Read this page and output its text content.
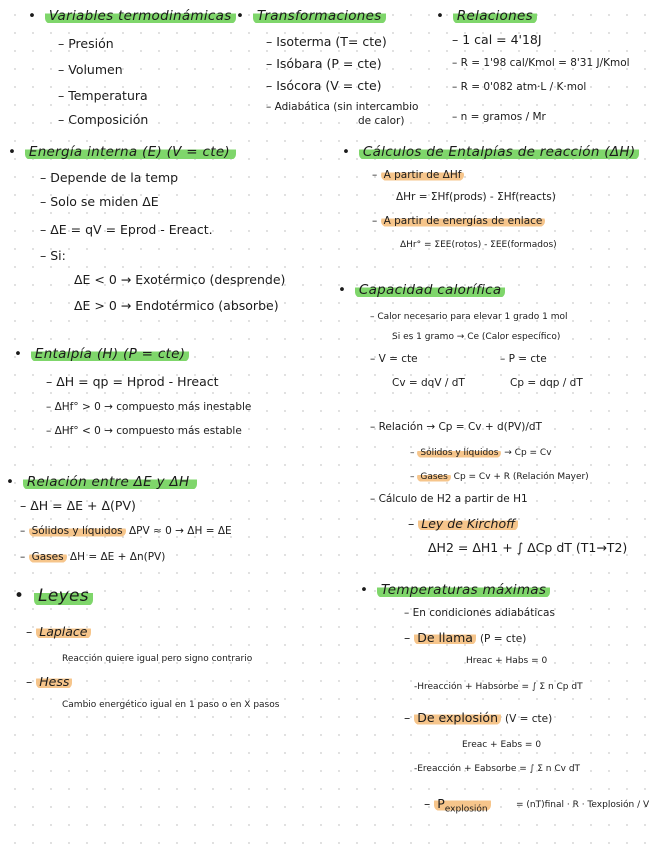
• Variables termodinámicas
– Presión
– Volumen
– Temperatura
– Composición
• Transformaciones
– Isoterma (T= cte)
– Isóbara (P = cte)
– Isócora (V = cte)
– Adiabática (sin intercambio
de calor)
• Relaciones
– 1 cal = 4'18J
– R = 1'98 cal/Kmol = 8'31 J/Kmol
– R = 0'082 atm·L / K·mol
– n = gramos / Mr
• Energía interna (E) (V = cte)
– Depende de la temp
– Solo se miden ΔE
– ΔE = qV = Eprod - Ereact.
– Si:
ΔE < 0 → Exotérmico (desprende)
ΔE > 0 → Endotérmico (absorbe)
• Cálculos de Entalpías de reacción (ΔH)
– A partir de ΔHf
ΔHr = ΣHf(prods) - ΣHf(reacts)
– A partir de energías de enlace
ΔHr° = ΣEE(rotos) - ΣEE(formados)
• Capacidad calorífica
– Calor necesario para elevar 1 grado 1 mol
Si es 1 gramo → Ce (Calor específico)
– V = cte	– P = cte
Cv = dqV / dT	Cp = dqp / dT
– Relación → Cp = Cv + d(PV)/dT
– Sólidos y líquidos → Cp = Cv
– Gases Cp = Cv + R (Relación Mayer)
– Cálculo de H2 a partir de H1
– Ley de Kirchoff
ΔH2 = ΔH1 + ∫ ΔCp dT (T1→T2)
• Entalpía (H) (P = cte)
– ΔH = qp = Hprod - Hreact
– ΔHf° > 0 → compuesto más inestable
– ΔHf° < 0 → compuesto más estable
• Relación entre ΔE y ΔH
– ΔH = ΔE + Δ(PV)
– Sólidos y líquidos ΔPV ≈ 0 → ΔH = ΔE
– Gases ΔH = ΔE + Δn(PV)
• Leyes
– Laplace
Reacción quiere igual pero signo contrario
– Hess
Cambio energético igual en 1 paso o en X pasos
• Temperaturas máximas
– En condiciones adiabáticas
– De llama (P = cte)
Hreac + Habs = 0
-Hreacción + Habsorbe = ∫ Σ n Cp dT
– De explosión (V = cte)
Ereac + Eabs = 0
-Ereacción + Eabsorbe = ∫ Σ n Cv dT
– $P_{explosión}$	= (nT)final · R · Texplosión / V
